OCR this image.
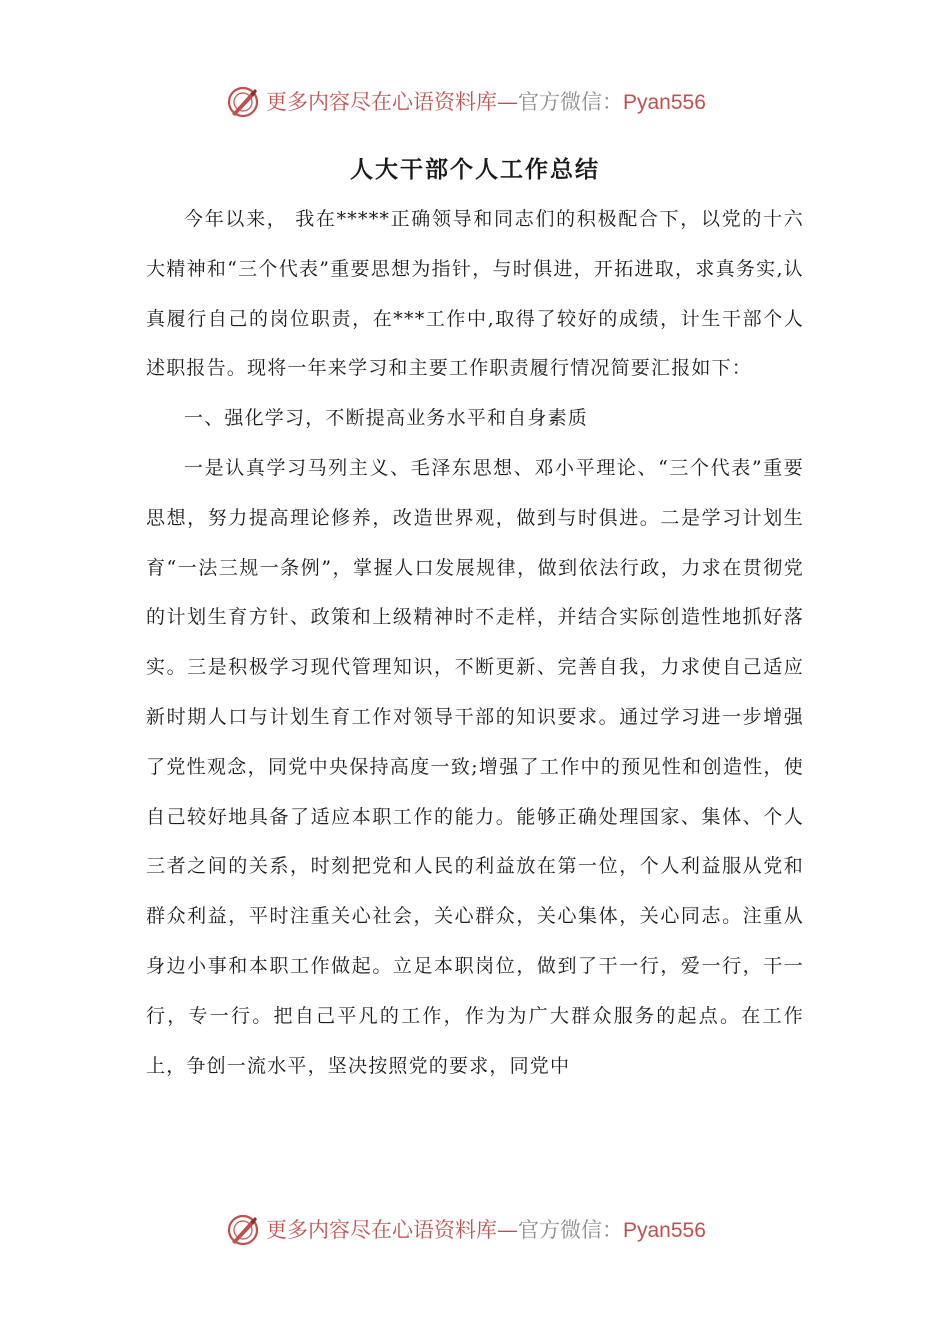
更多内容尽在心语资料库—官方微信：Pyan556
人大干部个人工作总结

今年以来， 我在*****正确领导和同志们的积极配合下，以党的十六大精神和“三个代表”重要思想为指针，与时俱进，开拓进取，求真务实,认真履行自己的岗位职责，在***工作中,取得了较好的成绩，计生干部个人述职报告。现将一年来学习和主要工作职责履行情况简要汇报如下：

一、强化学习，不断提高业务水平和自身素质

一是认真学习马列主义、毛泽东思想、邓小平理论、“三个代表”重要思想，努力提高理论修养，改造世界观，做到与时俱进。二是学习计划生育“一法三规一条例”，掌握人口发展规律，做到依法行政，力求在贯彻党的计划生育方针、政策和上级精神时不走样，并结合实际创造性地抓好落实。三是积极学习现代管理知识，不断更新、完善自我，力求使自己适应新时期人口与计划生育工作对领导干部的知识要求。通过学习进一步增强了党性观念，同党中央保持高度一致;增强了工作中的预见性和创造性，使自己较好地具备了适应本职工作的能力。能够正确处理国家、集体、个人三者之间的关系，时刻把党和人民的利益放在第一位，个人利益服从党和群众利益，平时注重关心社会，关心群众，关心集体，关心同志。注重从身边小事和本职工作做起。立足本职岗位，做到了干一行，爱一行，干一行，专一行。把自己平凡的工作，作为为广大群众服务的起点。在工作上，争创一流水平，坚决按照党的要求，同党中

更多内容尽在心语资料库—官方微信：Pyan556
